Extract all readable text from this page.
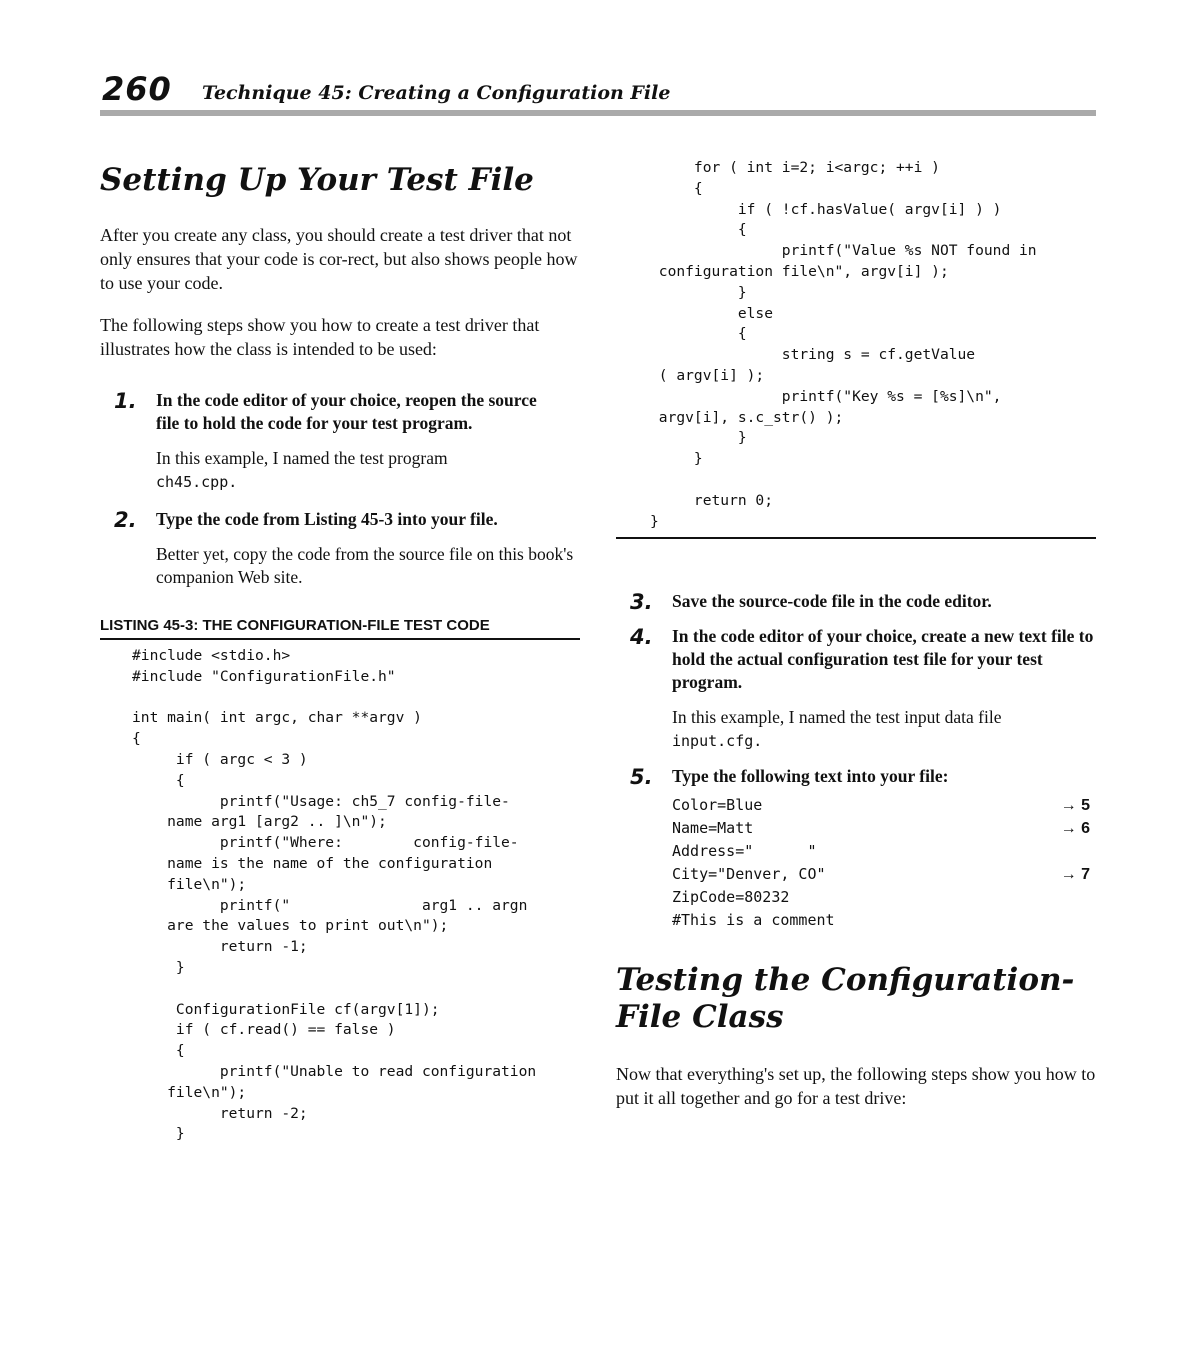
260 Technique 45: Creating a Configuration File
Setting Up Your Test File

After you create any class, you should create a test driver that not only ensures that your code is cor-rect, but also shows people how to use your code.

The following steps show you how to create a test driver that illustrates how the class is intended to be used:

1. In the code editor of your choice, reopen the source file to hold the code for your test program.

In this example, I named the test program
ch45.cpp.

2. Type the code from Listing 45-3 into your file.

Better yet, copy the code from the source file on this book's companion Web site.

LISTING 45-3: THE CONFIGURATION-FILE TEST CODE
#include <stdio.h>
#include "ConfigurationFile.h"

int main( int argc, char **argv )
{
if ( argc < 3 )
{
printf("Usage: ch5_7 config-file-
name arg1 [arg2 .. ]\n");
printf("Where:        config-file-
name is the name of the configuration
file\n");
printf("               arg1 .. argn
are the values to print out\n");
return -1;
}

ConfigurationFile cf(argv[1]);
if ( cf.read() == false )
{
printf("Unable to read configuration
file\n");
return -2;
}
for ( int i=2; i<argc; ++i )
{
if ( !cf.hasValue( argv[i] ) )
{
printf("Value %s NOT found in
configuration file\n", argv[i] );
}
else
{
string s = cf.getValue
( argv[i] );
printf("Key %s = [%s]\n",
argv[i], s.c_str() );
}
}

return 0;
}
3. Save the source-code file in the code editor.

4. In the code editor of your choice, create a new text file to hold the actual configuration test file for your test program.

In this example, I named the test input data file
input.cfg.

5. Type the following text into your file:

Color=Blue	→ 5
Name=Matt	→ 6
Address="      "
City="Denver, CO"	→ 7
ZipCode=80232
#This is a comment
Testing the Configuration-File Class

Now that everything's set up, the following steps show you how to put it all together and go for a test drive:
